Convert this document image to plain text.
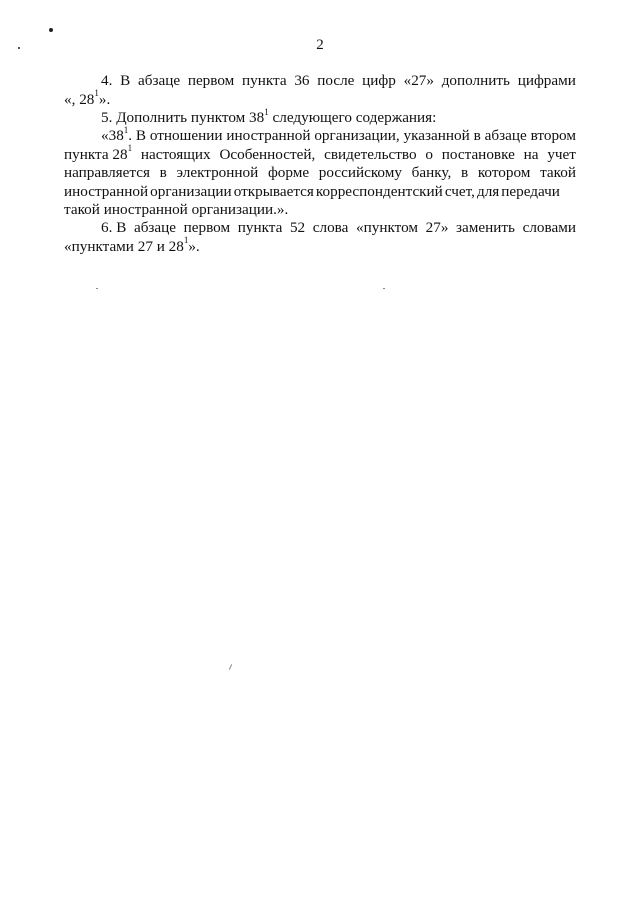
2
4. В абзаце первом пункта 36 после цифр «27» дополнить цифрами
«, $28^1$».
5. Дополнить пунктом $38^1$ следующего содержания:
«$38^1$. В отношении иностранной организации, указанной в абзаце втором
пункта $28^1$ настоящих Особенностей, свидетельство о постановке на учет
направляется в электронной форме российскому банку, в котором такой
иностранной организации открывается корреспондентский счет, для передачи
такой иностранной организации.».
6. В абзаце первом пункта 52 слова «пунктом 27» заменить словами
«пунктами 27 и $28^1$».
